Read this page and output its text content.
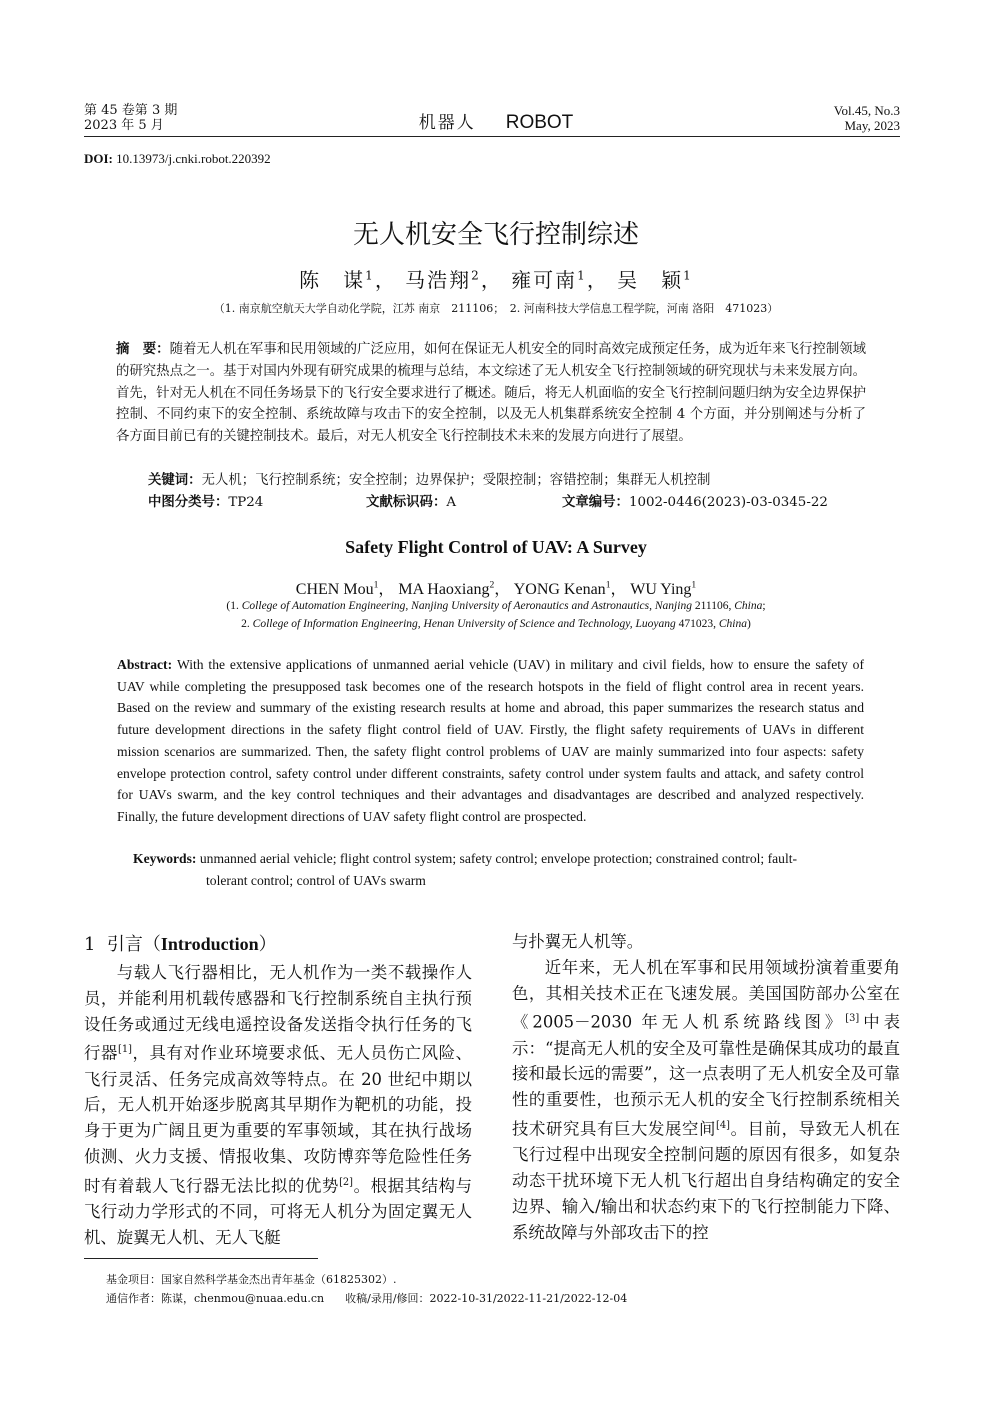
第 45 卷第 3 期
2023 年 5 月	机器人 ROBOT
Vol.45, No.3
May, 2023
DOI: 10.13973/j.cnki.robot.220392
无人机安全飞行控制综述
陈　谋$^1$， 马浩翔$^2$， 雍可南$^1$， 吴　颖$^1$
（1. 南京航空航天大学自动化学院，江苏 南京　211106；　2. 河南科技大学信息工程学院，河南 洛阳　471023）
摘　要：随着无人机在军事和民用领域的广泛应用，如何在保证无人机安全的同时高效完成预定任务，成为近年来飞行控制领域的研究热点之一。基于对国内外现有研究成果的梳理与总结，本文综述了无人机安全飞行控制领域的研究现状与未来发展方向。首先，针对无人机在不同任务场景下的飞行安全要求进行了概述。随后，将无人机面临的安全飞行控制问题归纳为安全边界保护控制、不同约束下的安全控制、系统故障与攻击下的安全控制，以及无人机集群系统安全控制 4 个方面，并分别阐述与分析了各方面目前已有的关键控制技术。最后，对无人机安全飞行控制技术未来的发展方向进行了展望。
关键词：无人机；飞行控制系统；安全控制；边界保护；受限控制；容错控制；集群无人机控制
中图分类号：TP24	文献标识码：A	文章编号：1002-0446(2023)-03-0345-22
Safety Flight Control of UAV: A Survey
CHEN Mou$^1$， MA Haoxiang$^2$， YONG Kenan$^1$， WU Ying$^1$
(1. College of Automation Engineering, Nanjing University of Aeronautics and Astronautics, Nanjing 211106, China;
2. College of Information Engineering, Henan University of Science and Technology, Luoyang 471023, China)
Abstract: With the extensive applications of unmanned aerial vehicle (UAV) in military and civil fields, how to ensure the safety of UAV while completing the presupposed task becomes one of the research hotspots in the field of flight control area in recent years. Based on the review and summary of the existing research results at home and abroad, this paper summarizes the research status and future development directions in the safety flight control field of UAV. Firstly, the flight safety requirements of UAVs in different mission scenarios are summarized. Then, the safety flight control problems of UAV are mainly summarized into four aspects: safety envelope protection control, safety control under different constraints, safety control under system faults and attack, and safety control for UAVs swarm, and the key control techniques and their advantages and disadvantages are described and analyzed respectively. Finally, the future development directions of UAV safety flight control are prospected.
Keywords: unmanned aerial vehicle; flight control system; safety control; envelope protection; constrained control; fault-
tolerant control; control of UAVs swarm
1 引言（Introduction）

与载人飞行器相比，无人机作为一类不载操作人员，并能利用机载传感器和飞行控制系统自主执行预设任务或通过无线电遥控设备发送指令执行任务的飞行器[1]，具有对作业环境要求低、无人员伤亡风险、飞行灵活、任务完成高效等特点。在 20 世纪中期以后，无人机开始逐步脱离其早期作为靶机的功能，投身于更为广阔且更为重要的军事领域，其在执行战场侦测、火力支援、情报收集、攻防博弈等危险性任务时有着载人飞行器无法比拟的优势[2]。根据其结构与飞行动力学形式的不同，可将无人机分为固定翼无人机、旋翼无人机、无人飞艇

与扑翼无人机等。

近年来，无人机在军事和民用领域扮演着重要角色，其相关技术正在飞速发展。美国国防部办公室在《2005－2030 年无人机系统路线图》[3]中表示：“提高无人机的安全及可靠性是确保其成功的最直接和最长远的需要”，这一点表明了无人机安全及可靠性的重要性，也预示无人机的安全飞行控制系统相关技术研究具有巨大发展空间[4]。目前，导致无人机在飞行过程中出现安全控制问题的原因有很多，如复杂动态干扰环境下无人机飞行超出自身结构确定的安全边界、输入/输出和状态约束下的飞行控制能力下降、系统故障与外部攻击下的控

基金项目：国家自然科学基金杰出青年基金（61825302）.
通信作者：陈谋，chenmou@nuaa.edu.cn 收稿/录用/修回：2022-10-31/2022-11-21/2022-12-04
